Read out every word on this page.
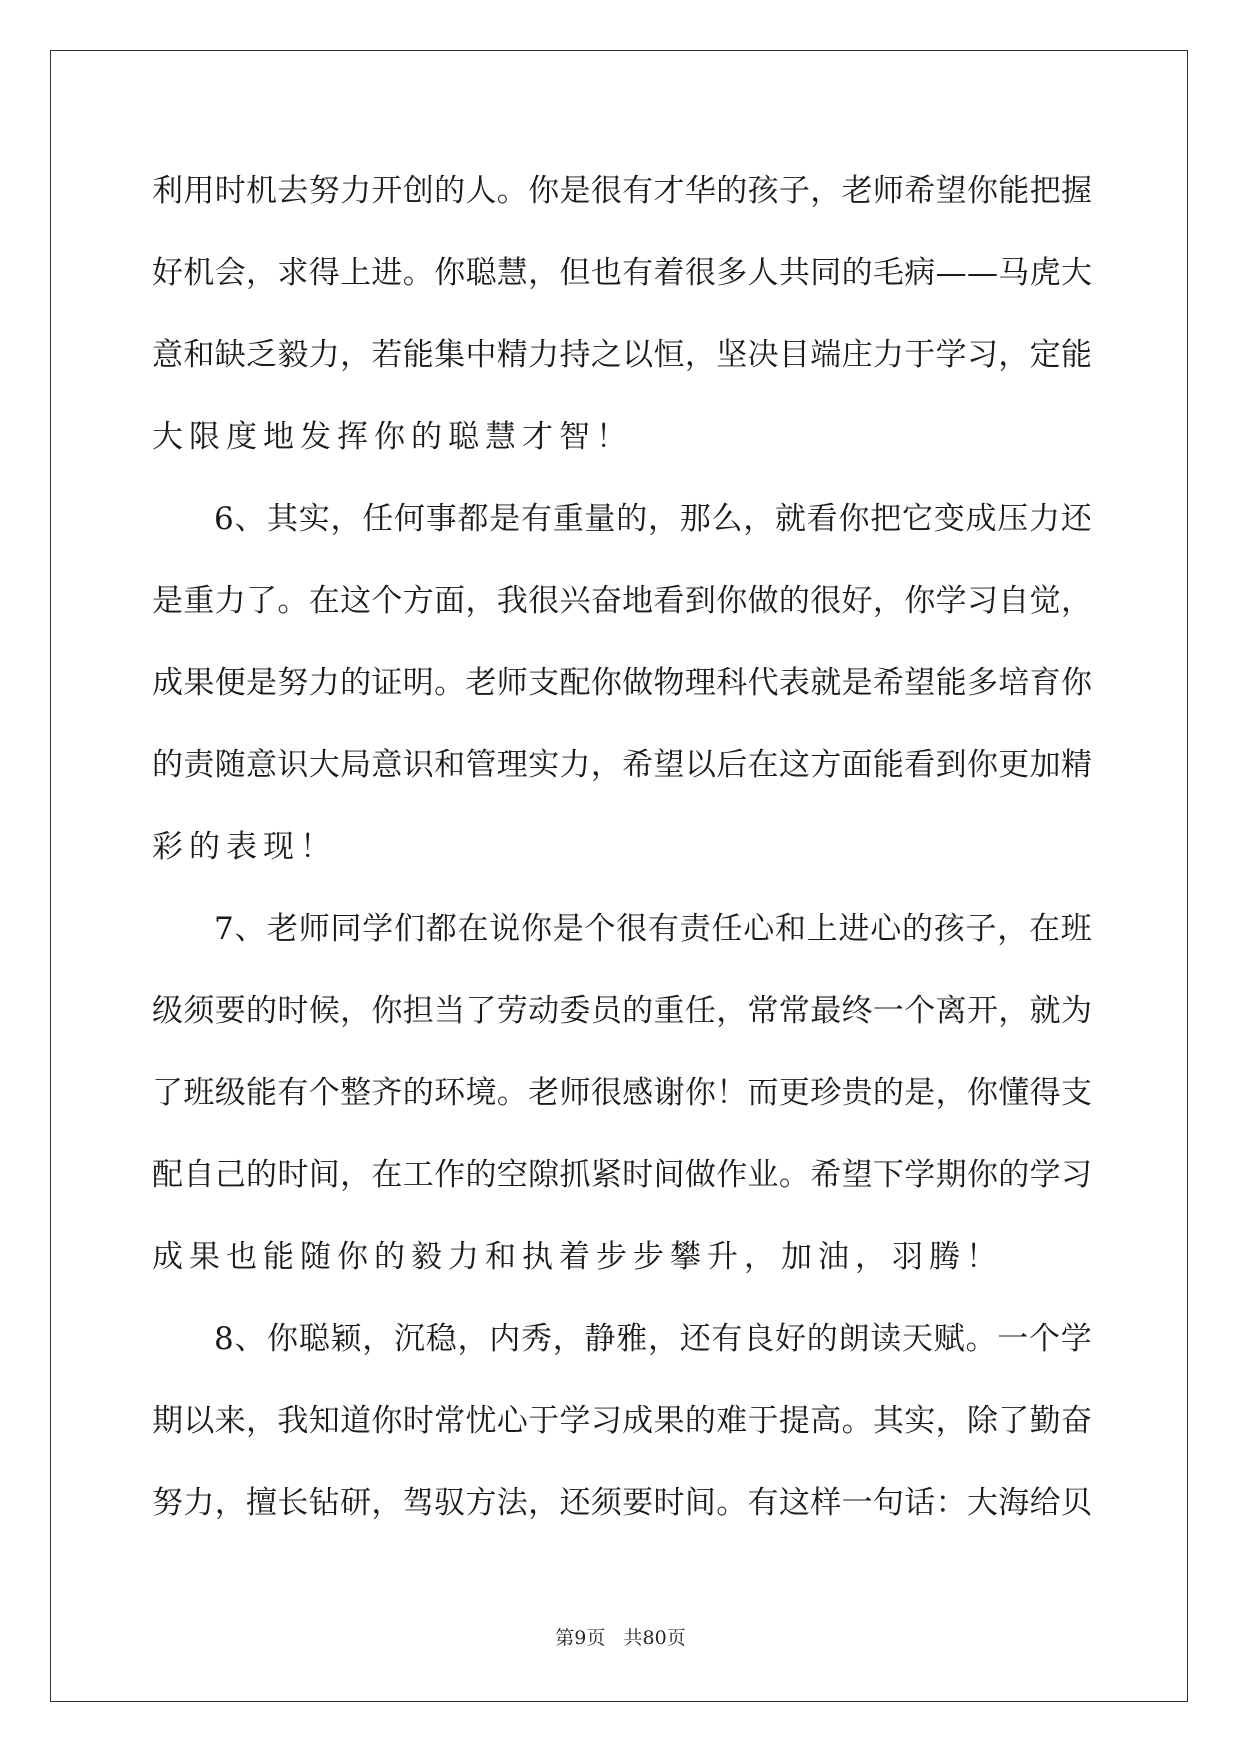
利 用 时 机 去 努 力 开 创 的 人 。 你 是 很 有 才 华 的 孩 子 ， 老 师 希 望 你 能 把 握
好 机 会 ， 求 得 上 进 。 你 聪 慧 ， 但 也 有 着 很 多 人 共 同 的 毛 病 — — 马 虎 大
意 和 缺 乏 毅 力 ， 若 能 集 中 精 力 持 之 以 恒 ， 坚 决 目 端 庄 力 于 学 习 ， 定 能
大 限 度 地 发 挥 你 的 聪 慧 才 智 ！
6 、 其 实 ， 任 何 事 都 是 有 重 量 的 ， 那 么 ， 就 看 你 把 它 变 成 压 力 还
是 重 力 了 。 在 这 个 方 面 ， 我 很 兴 奋 地 看 到 你 做 的 很 好 ， 你 学 习 自 觉 ，
成 果 便 是 努 力 的 证 明 。 老 师 支 配 你 做 物 理 科 代 表 就 是 希 望 能 多 培 育 你
的 责 随 意 识 大 局 意 识 和 管 理 实 力 ， 希 望 以 后 在 这 方 面 能 看 到 你 更 加 精
彩 的 表 现 ！
7 、 老 师 同 学 们 都 在 说 你 是 个 很 有 责 任 心 和 上 进 心 的 孩 子 ， 在 班
级 须 要 的 时 候 ， 你 担 当 了 劳 动 委 员 的 重 任 ， 常 常 最 终 一 个 离 开 ， 就 为
了 班 级 能 有 个 整 齐 的 环 境 。 老 师 很 感 谢 你 ！ 而 更 珍 贵 的 是 ， 你 懂 得 支
配 自 己 的 时 间 ， 在 工 作 的 空 隙 抓 紧 时 间 做 作 业 。 希 望 下 学 期 你 的 学 习
成 果 也 能 随 你 的 毅 力 和 执 着 步 步 攀 升 ， 加 油 ， 羽 腾 ！
8 、 你 聪 颖 ， 沉 稳 ， 内 秀 ， 静 雅 ， 还 有 良 好 的 朗 读 天 赋 。 一 个 学
期 以 来 ， 我 知 道 你 时 常 忧 心 于 学 习 成 果 的 难 于 提 高 。 其 实 ， 除 了 勤 奋
努 力 ， 擅 长 钻 研 ， 驾 驭 方 法 ， 还 须 要 时 间 。 有 这 样 一 句 话 ： 大 海 给 贝
第9页 共80页
